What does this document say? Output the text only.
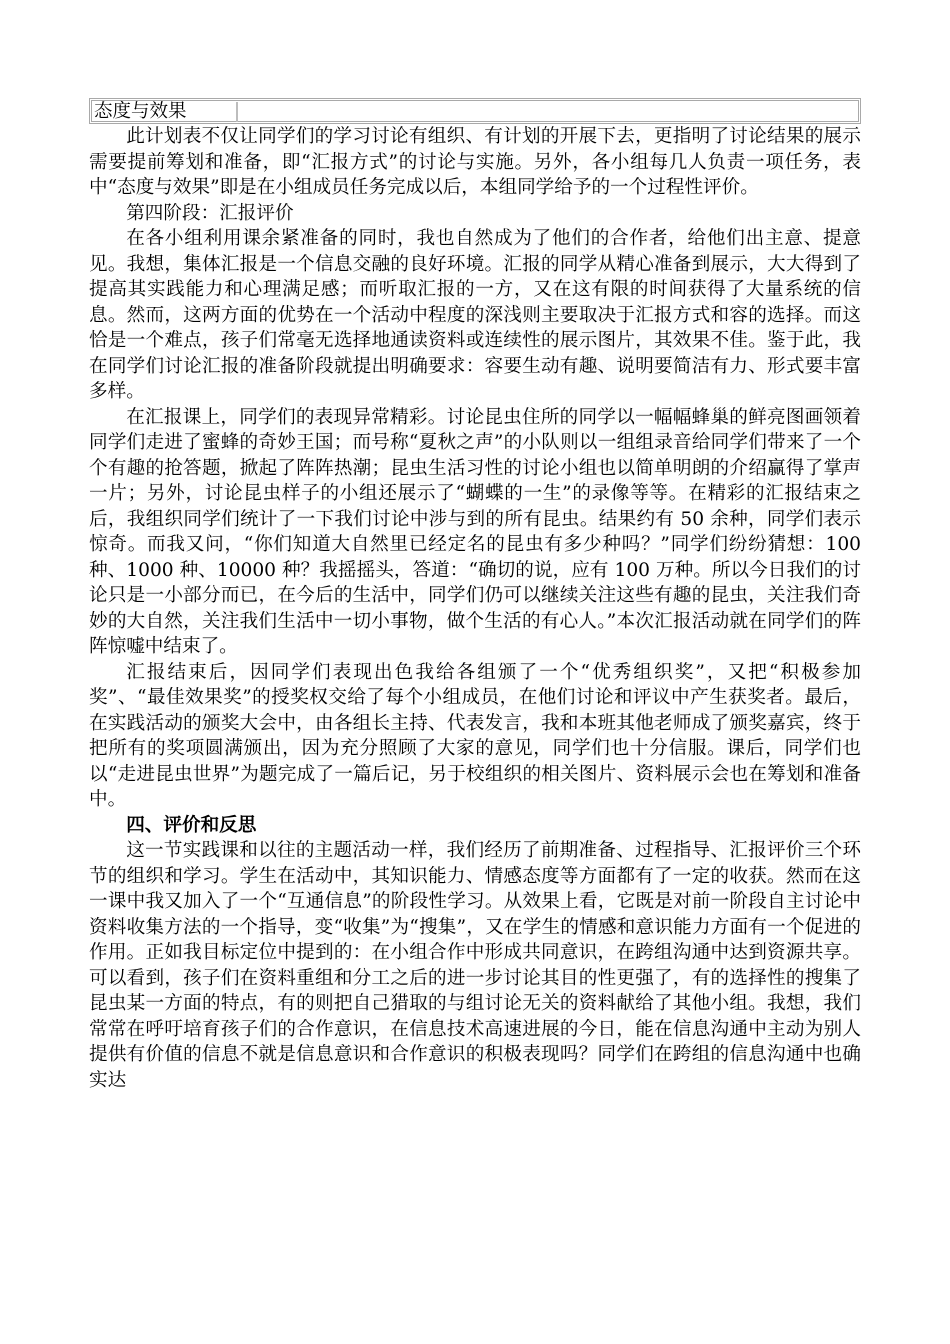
态度与效果

此计划表不仅让同学们的学习讨论有组织、有计划的开展下去，更指明了讨论结果的展示需要提前筹划和准备，即“汇报方式”的讨论与实施。另外，各小组每几人负责一项任务，表中“态度与效果”即是在小组成员任务完成以后，本组同学给予的一个过程性评价。

第四阶段：汇报评价

在各小组利用课余紧准备的同时，我也自然成为了他们的合作者，给他们出主意、提意见。我想，集体汇报是一个信息交融的良好环境。汇报的同学从精心准备到展示，大大得到了提高其实践能力和心理满足感；而听取汇报的一方，又在这有限的时间获得了大量系统的信息。然而，这两方面的优势在一个活动中程度的深浅则主要取决于汇报方式和容的选择。而这恰是一个难点，孩子们常毫无选择地通读资料或连续性的展示图片，其效果不佳。鉴于此，我在同学们讨论汇报的准备阶段就提出明确要求：容要生动有趣、说明要简洁有力、形式要丰富多样。

在汇报课上，同学们的表现异常精彩。讨论昆虫住所的同学以一幅幅蜂巢的鲜亮图画领着同学们走进了蜜蜂的奇妙王国；而号称“夏秋之声”的小队则以一组组录音给同学们带来了一个个有趣的抢答题，掀起了阵阵热潮；昆虫生活习性的讨论小组也以简单明朗的介绍赢得了掌声一片；另外，讨论昆虫样子的小组还展示了“蝴蝶的一生”的录像等等。在精彩的汇报结束之后，我组织同学们统计了一下我们讨论中涉与到的所有昆虫。结果约有 50 余种，同学们表示惊奇。而我又问，“你们知道大自然里已经定名的昆虫有多少种吗？”同学们纷纷猜想：100 种、1000 种、10000 种？我摇摇头，答道：“确切的说，应有 100 万种。所以今日我们的讨论只是一小部分而已，在今后的生活中，同学们仍可以继续关注这些有趣的昆虫，关注我们奇妙的大自然，关注我们生活中一切小事物，做个生活的有心人。”本次汇报活动就在同学们的阵阵惊嘘中结束了。

汇报结束后，因同学们表现出色我给各组颁了一个“优秀组织奖”，又把“积极参加奖”、“最佳效果奖”的授奖权交给了每个小组成员，在他们讨论和评议中产生获奖者。最后，在实践活动的颁奖大会中，由各组长主持、代表发言，我和本班其他老师成了颁奖嘉宾，终于把所有的奖项圆满颁出，因为充分照顾了大家的意见，同学们也十分信服。课后，同学们也以“走进昆虫世界”为题完成了一篇后记，另于校组织的相关图片、资料展示会也在筹划和准备中。

四、评价和反思

这一节实践课和以往的主题活动一样，我们经历了前期准备、过程指导、汇报评价三个环节的组织和学习。学生在活动中，其知识能力、情感态度等方面都有了一定的收获。然而在这一课中我又加入了一个“互通信息”的阶段性学习。从效果上看，它既是对前一阶段自主讨论中资料收集方法的一个指导，变“收集”为“搜集”，又在学生的情感和意识能力方面有一个促进的作用。正如我目标定位中提到的：在小组合作中形成共同意识，在跨组沟通中达到资源共享。可以看到，孩子们在资料重组和分工之后的进一步讨论其目的性更强了，有的选择性的搜集了昆虫某一方面的特点，有的则把自己猎取的与组讨论无关的资料献给了其他小组。我想，我们常常在呼吁培育孩子们的合作意识，在信息技术高速进展的今日，能在信息沟通中主动为别人提供有价值的信息不就是信息意识和合作意识的积极表现吗？同学们在跨组的信息沟通中也确实达
